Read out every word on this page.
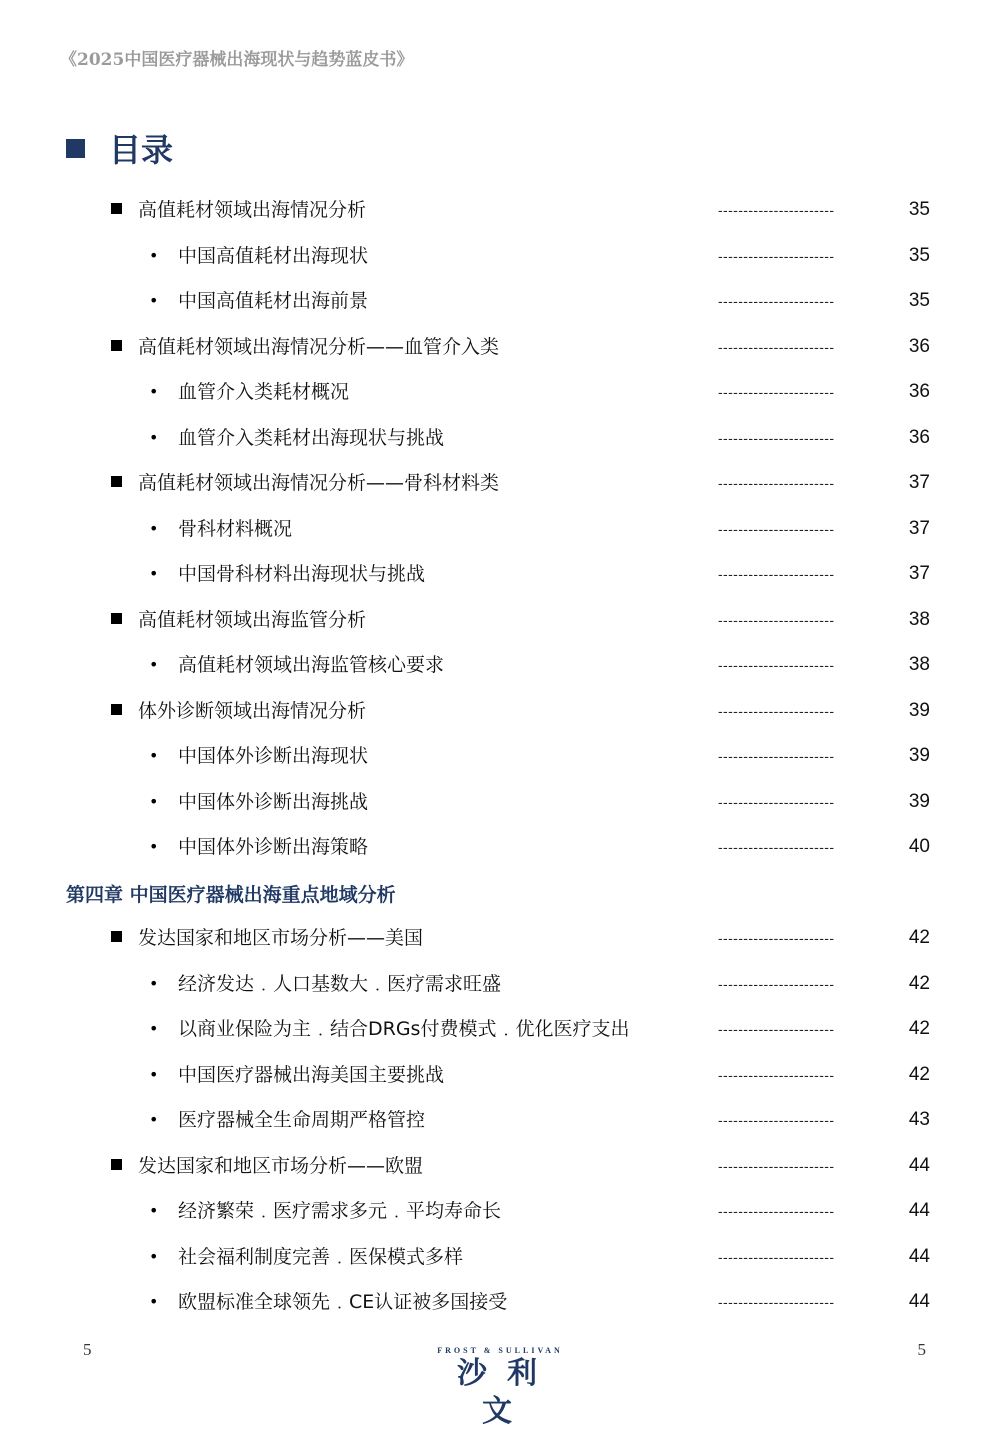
《2025中国医疗器械出海现状与趋势蓝皮书》
目录
高值耗材领域出海情况分析	-----------------------	35
• 中国高值耗材出海现状	-----------------------	35
• 中国高值耗材出海前景	-----------------------	35
高值耗材领域出海情况分析——血管介入类	-----------------------	36
• 血管介入类耗材概况	-----------------------	36
• 血管介入类耗材出海现状与挑战	-----------------------	36
高值耗材领域出海情况分析——骨科材料类	-----------------------	37
• 骨科材料概况	-----------------------	37
• 中国骨科材料出海现状与挑战	-----------------------	37
高值耗材领域出海监管分析	-----------------------	38
• 高值耗材领域出海监管核心要求	-----------------------	38
体外诊断领域出海情况分析	-----------------------	39
• 中国体外诊断出海现状	-----------------------	39
• 中国体外诊断出海挑战	-----------------------	39
• 中国体外诊断出海策略	-----------------------	40
第四章 中国医疗器械出海重点地域分析
发达国家和地区市场分析——美国	-----------------------	42
• 经济发达﹒人口基数大﹒医疗需求旺盛	-----------------------	42
• 以商业保险为主﹒结合DRGs付费模式﹒优化医疗支出	-----------------------	42
• 中国医疗器械出海美国主要挑战	-----------------------	42
• 医疗器械全生命周期严格管控	-----------------------	43
发达国家和地区市场分析——欧盟	-----------------------	44
• 经济繁荣﹒医疗需求多元﹒平均寿命长	-----------------------	44
• 社会福利制度完善﹒医保模式多样	-----------------------	44
• 欧盟标准全球领先﹒CE认证被多国接受	-----------------------	44
5	5
FROST & SULLIVAN
沙利文
